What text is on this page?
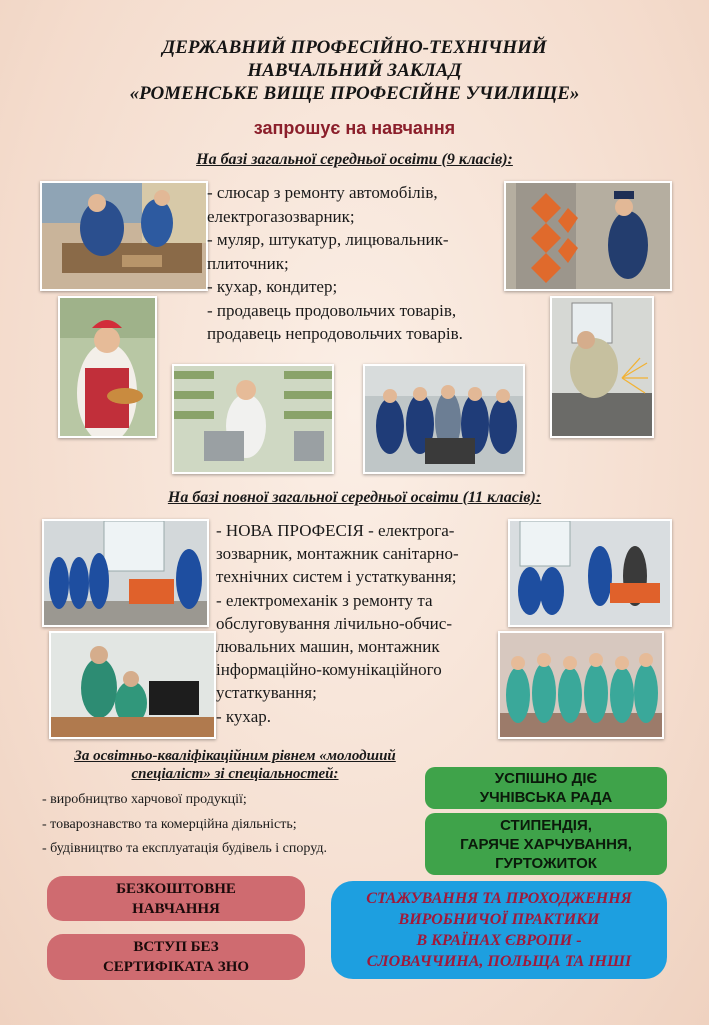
ДЕРЖАВНИЙ ПРОФЕСІЙНО-ТЕХНІЧНИЙ
НАВЧАЛЬНИЙ ЗАКЛАД
«РОМЕНСЬКЕ ВИЩЕ ПРОФЕСІЙНЕ УЧИЛИЩЕ»
запрошує на навчання
На базі загальної середньої освіти (9 класів):
- слюсар з ремонту автомобілів,
електрогазозварник;
- муляр, штукатур, лицювальник-
плиточник;
- кухар, кондитер;
- продавець продовольчих товарів,
продавець непродовольчих товарів.
На базі повної загальної середньої освіти (11 класів):
- НОВА ПРОФЕСІЯ - електрога-
зозварник, монтажник санітарно-
технічних систем і устаткування;
- електромеханік з ремонту та
обслуговування лічильно-обчис-
лювальних машин, монтажник
інформаційно-комунікаційного
устаткування;
- кухар.
За освітньо-кваліфікаційним рівнем «молодший
спеціаліст» зі спеціальностей:
- виробництво харчової продукції;
- товарознавство та комерційна діяльність;
- будівництво та експлуатація будівель і споруд.
УСПІШНО ДІЄ
УЧНІВСЬКА РАДА
СТИПЕНДІЯ,
ГАРЯЧЕ ХАРЧУВАННЯ,
ГУРТОЖИТОК
БЕЗКОШТОВНЕ
НАВЧАННЯ
ВСТУП БЕЗ
СЕРТИФІКАТА ЗНО
СТАЖУВАННЯ ТА ПРОХОДЖЕННЯ
ВИРОБНИЧОЇ ПРАКТИКИ
В КРАЇНАХ ЄВРОПИ -
СЛОВАЧЧИНА, ПОЛЬЩА ТА ІНШІ
